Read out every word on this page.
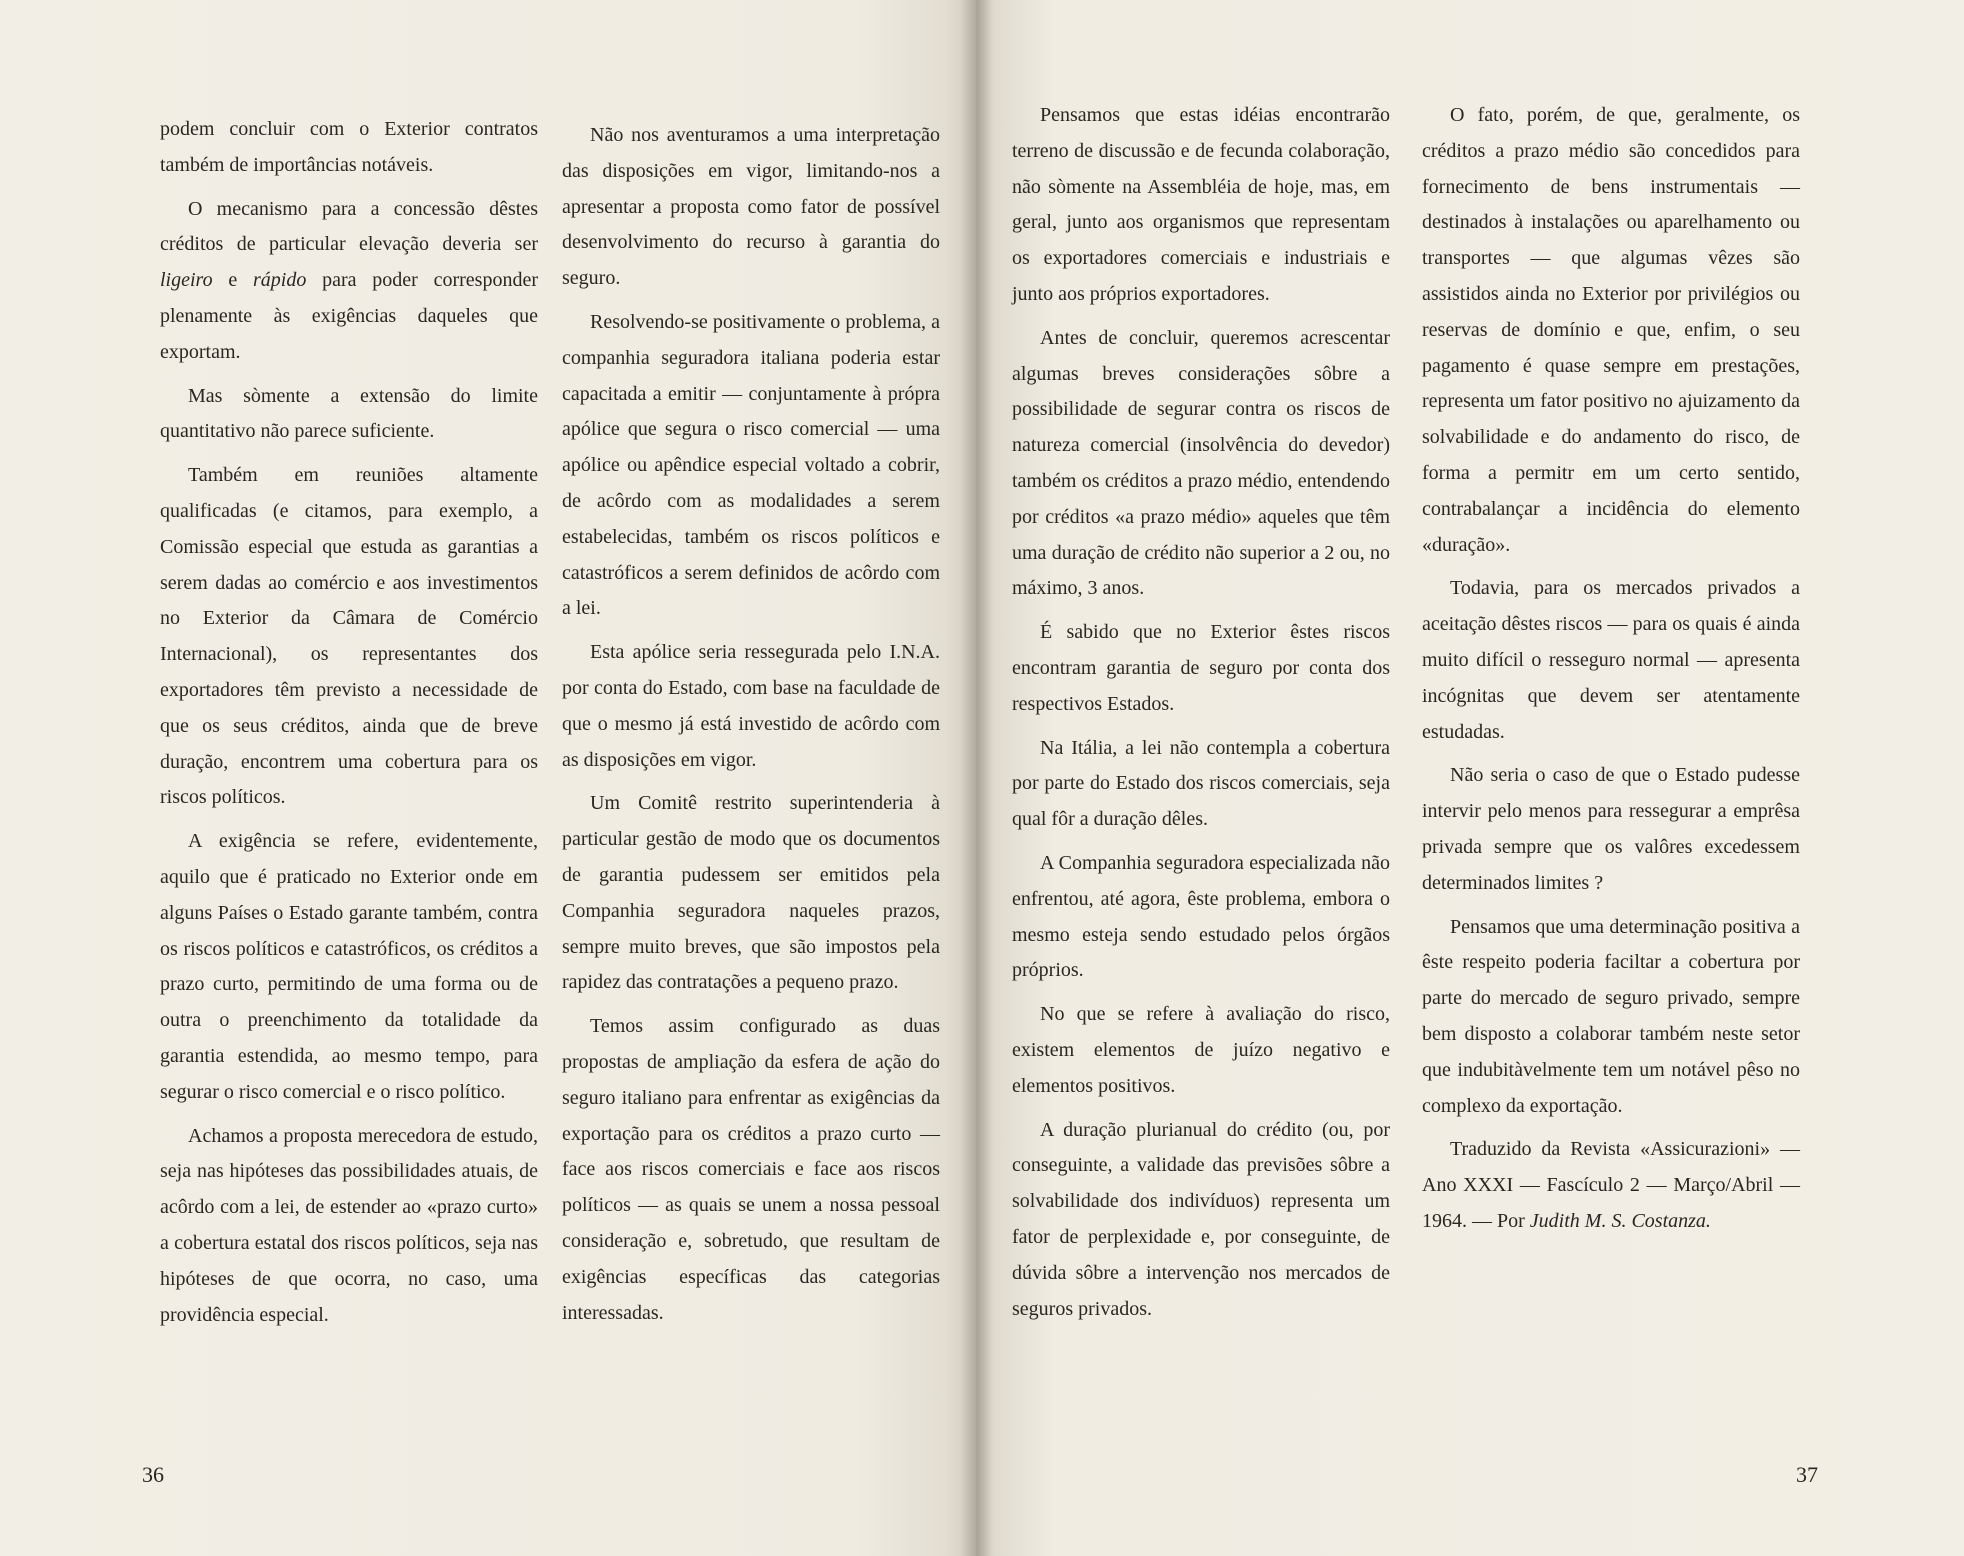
podem concluir com o Exterior contratos também de importâncias notáveis.

O mecanismo para a concessão dêstes créditos de particular elevação deveria ser ligeiro e rápido para poder corresponder plenamente às exigências daqueles que exportam.

Mas sòmente a extensão do limite quantitativo não parece suficiente.

Também em reuniões altamente qualificadas (e citamos, para exemplo, a Comissão especial que estuda as garantias a serem dadas ao comércio e aos investimentos no Exterior da Câmara de Comércio Internacional), os representantes dos exportadores têm previsto a necessidade de que os seus créditos, ainda que de breve duração, encontrem uma cobertura para os riscos políticos.

A exigência se refere, evidentemente, aquilo que é praticado no Exterior onde em alguns Países o Estado garante também, contra os riscos políticos e catastróficos, os créditos a prazo curto, permitindo de uma forma ou de outra o preenchimento da totalidade da garantia estendida, ao mesmo tempo, para segurar o risco comercial e o risco político.

Achamos a proposta merecedora de estudo, seja nas hipóteses das possibilidades atuais, de acôrdo com a lei, de estender ao «prazo curto» a cobertura estatal dos riscos políticos, seja nas hipóteses de que ocorra, no caso, uma providência especial.

Não nos aventuramos a uma interpretação das disposições em vigor, limitando-nos a apresentar a proposta como fator de possível desenvolvimento do recurso à garantia do seguro.

Resolvendo-se positivamente o problema, a companhia seguradora italiana poderia estar capacitada a emitir — conjuntamente à própra apólice que segura o risco comercial — uma apólice ou apêndice especial voltado a cobrir, de acôrdo com as modalidades a serem estabelecidas, também os riscos políticos e catastróficos a serem definidos de acôrdo com a lei.

Esta apólice seria ressegurada pelo I.N.A. por conta do Estado, com base na faculdade de que o mesmo já está investido de acôrdo com as disposições em vigor.

Um Comitê restrito superintenderia à particular gestão de modo que os documentos de garantia pudessem ser emitidos pela Companhia seguradora naqueles prazos, sempre muito breves, que são impostos pela rapidez das contratações a pequeno prazo.

Temos assim configurado as duas propostas de ampliação da esfera de ação do seguro italiano para enfrentar as exigências da exportação para os créditos a prazo curto — face aos riscos comerciais e face aos riscos políticos — as quais se unem a nossa pessoal consideração e, sobretudo, que resultam de exigências específicas das categorias interessadas.

36

Pensamos que estas idéias encontrarão terreno de discussão e de fecunda colaboração, não sòmente na Assembléia de hoje, mas, em geral, junto aos organismos que representam os exportadores comerciais e industriais e junto aos próprios exportadores.

Antes de concluir, queremos acrescentar algumas breves considerações sôbre a possibilidade de segurar contra os riscos de natureza comercial (insolvência do devedor) também os créditos a prazo médio, entendendo por créditos «a prazo médio» aqueles que têm uma duração de crédito não superior a 2 ou, no máximo, 3 anos.

É sabido que no Exterior êstes riscos encontram garantia de seguro por conta dos respectivos Estados.

Na Itália, a lei não contempla a cobertura por parte do Estado dos riscos comerciais, seja qual fôr a duração dêles.

A Companhia seguradora especializada não enfrentou, até agora, êste problema, embora o mesmo esteja sendo estudado pelos órgãos próprios.

No que se refere à avaliação do risco, existem elementos de juízo negativo e elementos positivos.

A duração plurianual do crédito (ou, por conseguinte, a validade das previsões sôbre a solvabilidade dos indivíduos) representa um fator de perplexidade e, por conseguinte, de dúvida sôbre a intervenção nos mercados de seguros privados.

O fato, porém, de que, geralmente, os créditos a prazo médio são concedidos para fornecimento de bens instrumentais — destinados à instalações ou aparelhamento ou transportes — que algumas vêzes são assistidos ainda no Exterior por privilégios ou reservas de domínio e que, enfim, o seu pagamento é quase sempre em prestações, representa um fator positivo no ajuizamento da solvabilidade e do andamento do risco, de forma a permitr em um certo sentido, contrabalançar a incidência do elemento «duração».

Todavia, para os mercados privados a aceitação dêstes riscos — para os quais é ainda muito difícil o resseguro normal — apresenta incógnitas que devem ser atentamente estudadas.

Não seria o caso de que o Estado pudesse intervir pelo menos para ressegurar a emprêsa privada sempre que os valôres excedessem determinados limites ?

Pensamos que uma determinação positiva a êste respeito poderia faciltar a cobertura por parte do mercado de seguro privado, sempre bem disposto a colaborar também neste setor que indubitàvelmente tem um notável pêso no complexo da exportação.

Traduzido da Revista «Assicurazioni» — Ano XXXI — Fascículo 2 — Março/Abril — 1964. — Por Judith M. S. Costanza.

37
